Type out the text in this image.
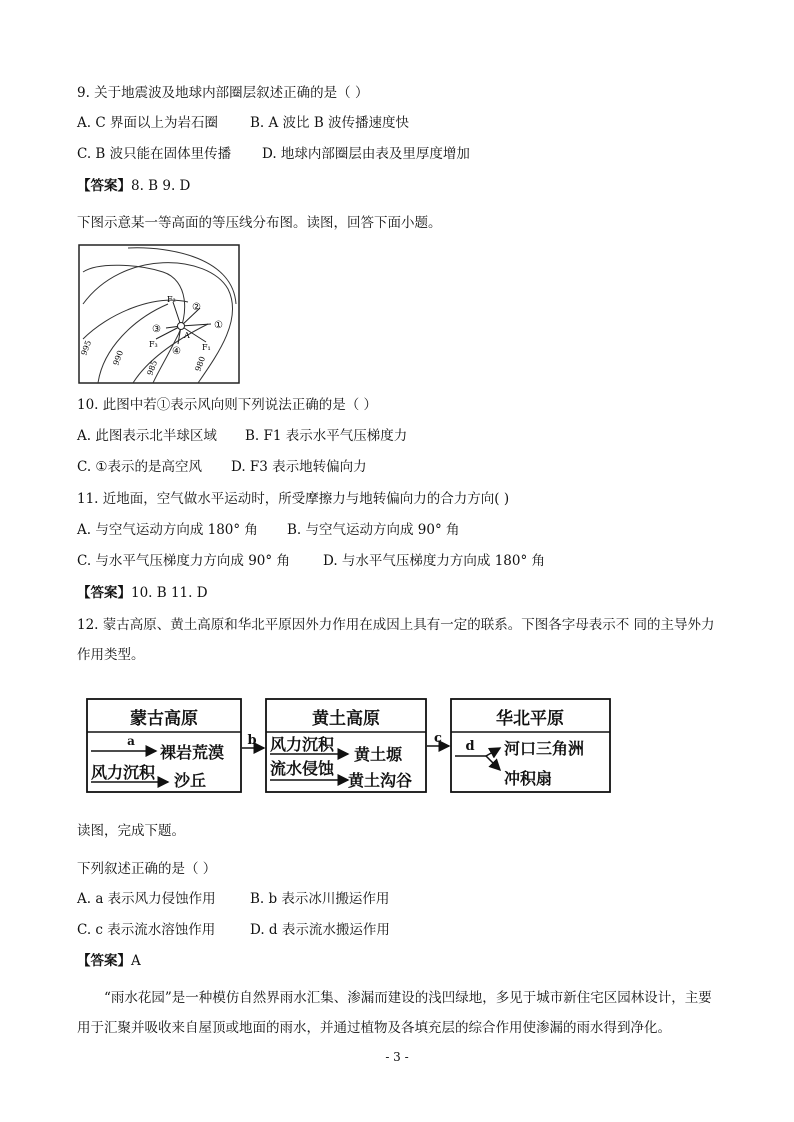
9. 关于地震波及地球内部圈层叙述正确的是（ ）
A. C 界面以上为岩石圈 B. A 波比 B 波传播速度快
C. B 波只能在固体里传播 D. 地球内部圈层由表及里厚度增加
【答案】8. B 9. D
下图示意某一等高面的等压线分布图。读图，回答下面小题。
995
990
985	980
A
F₂
F₃	F₁
②
③	①
④
10. 此图中若①表示风向则下列说法正确的是（ ）
A. 此图表示北半球区域 B. F1 表示水平气压梯度力
C. ①表示的是高空风 D. F3 表示地转偏向力
11. 近地面，空气做水平运动时，所受摩擦力与地转偏向力的合力方向( )
A. 与空气运动方向成 180° 角 B. 与空气运动方向成 90° 角
C. 与水平气压梯度力方向成 90° 角 D. 与水平气压梯度力方向成 180° 角
【答案】10. B 11. D
12. 蒙古高原、黄土高原和华北平原因外力作用在成因上具有一定的联系。下图各字母表示不 同的主导外力作用类型。
蒙古高原
a
裸岩荒漠
风力沉积 沙丘
b
黄土高原
风力沉积
黄土塬
流水侵蚀
黄土沟谷
c
华北平原
d 河口三角洲
冲积扇
读图，完成下题。
下列叙述正确的是（ ）
A. a 表示风力侵蚀作用	B. b 表示冰川搬运作用
C. c 表示流水溶蚀作用	D. d 表示流水搬运作用
【答案】A
“雨水花园”是一种模仿自然界雨水汇集、渗漏而建设的浅凹绿地，多见于城市新住宅区园林设计，主要用于汇聚并吸收来自屋顶或地面的雨水，并通过植物及各填充层的综合作用使渗漏的雨水得到净化。
- 3 -
